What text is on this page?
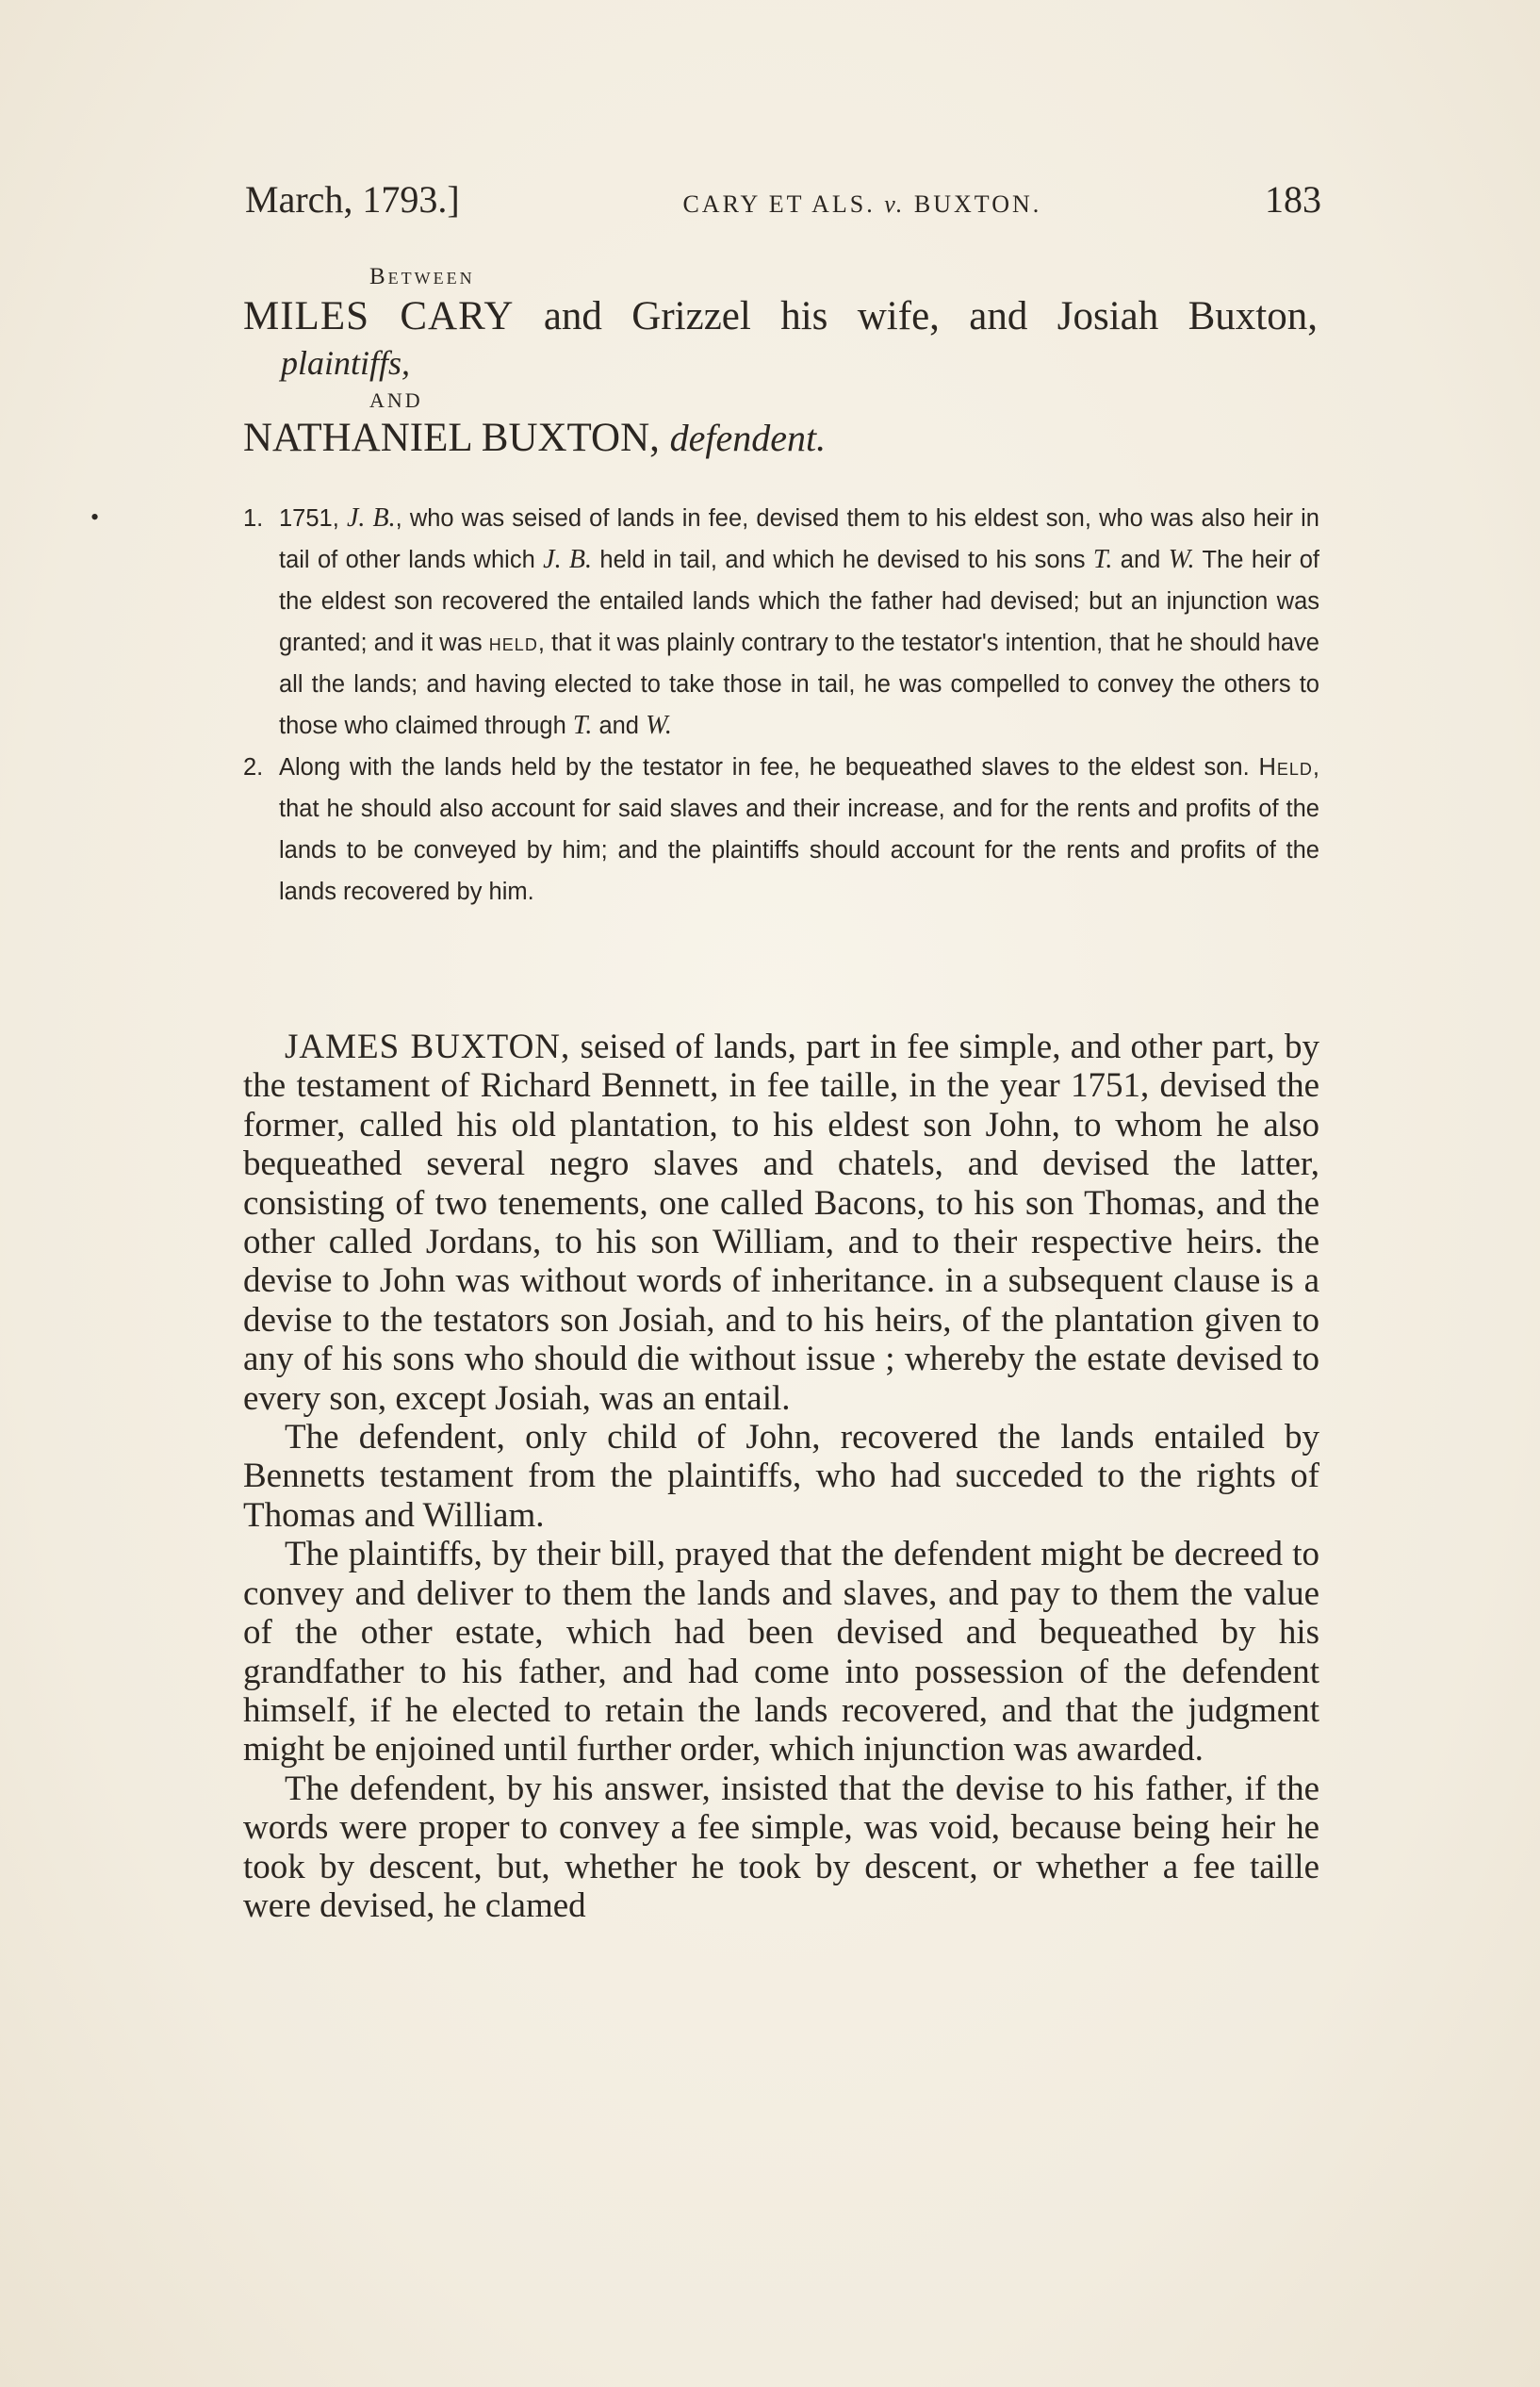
March, 1793.]	CARY ET ALS. v. BUXTON.	183
Between
MILES CARY and Grizzel his wife, and Josiah Buxton,
plaintiffs,
AND
NATHANIEL BUXTON, defendent.
•	1. 1751, J. B., who was seised of lands in fee, devised them to his eldest son, who was also heir in tail of other lands which J. B. held in tail, and which he devised to his sons T. and W. The heir of the eldest son recovered the entailed lands which the father had devised; but an injunction was granted; and it was held, that it was plainly contrary to the testator's intention, that he should have all the lands; and having elected to take those in tail, he was compelled to convey the others to those who claimed through T. and W.
2. Along with the lands held by the testator in fee, he bequeathed slaves to the eldest son. Held, that he should also account for said slaves and their increase, and for the rents and profits of the lands to be conveyed by him; and the plaintiffs should account for the rents and profits of the lands recovered by him.

JAMES BUXTON, seised of lands, part in fee simple, and other part, by the testament of Richard Bennett, in fee taille, in the year 1751, devised the former, called his old plantation, to his eldest son John, to whom he also bequeathed several negro slaves and chatels, and devised the latter, consisting of two tenements, one called Bacons, to his son Thomas, and the other called Jordans, to his son William, and to their respective heirs. the devise to John was without words of inheritance. in a subsequent clause is a devise to the testators son Josiah, and to his heirs, of the plantation given to any of his sons who should die without issue ; whereby the estate devised to every son, except Josiah, was an entail.

The defendent, only child of John, recovered the lands entailed by Bennetts testament from the plaintiffs, who had succeded to the rights of Thomas and William.

The plaintiffs, by their bill, prayed that the defendent might be decreed to convey and deliver to them the lands and slaves, and pay to them the value of the other estate, which had been devised and bequeathed by his grandfather to his father, and had come into possession of the defendent himself, if he elected to retain the lands recovered, and that the judgment might be enjoined until further order, which injunction was awarded.

The defendent, by his answer, insisted that the devise to his father, if the words were proper to convey a fee simple, was void, because being heir he took by descent, but, whether he took by descent, or whether a fee taille were devised, he clamed
